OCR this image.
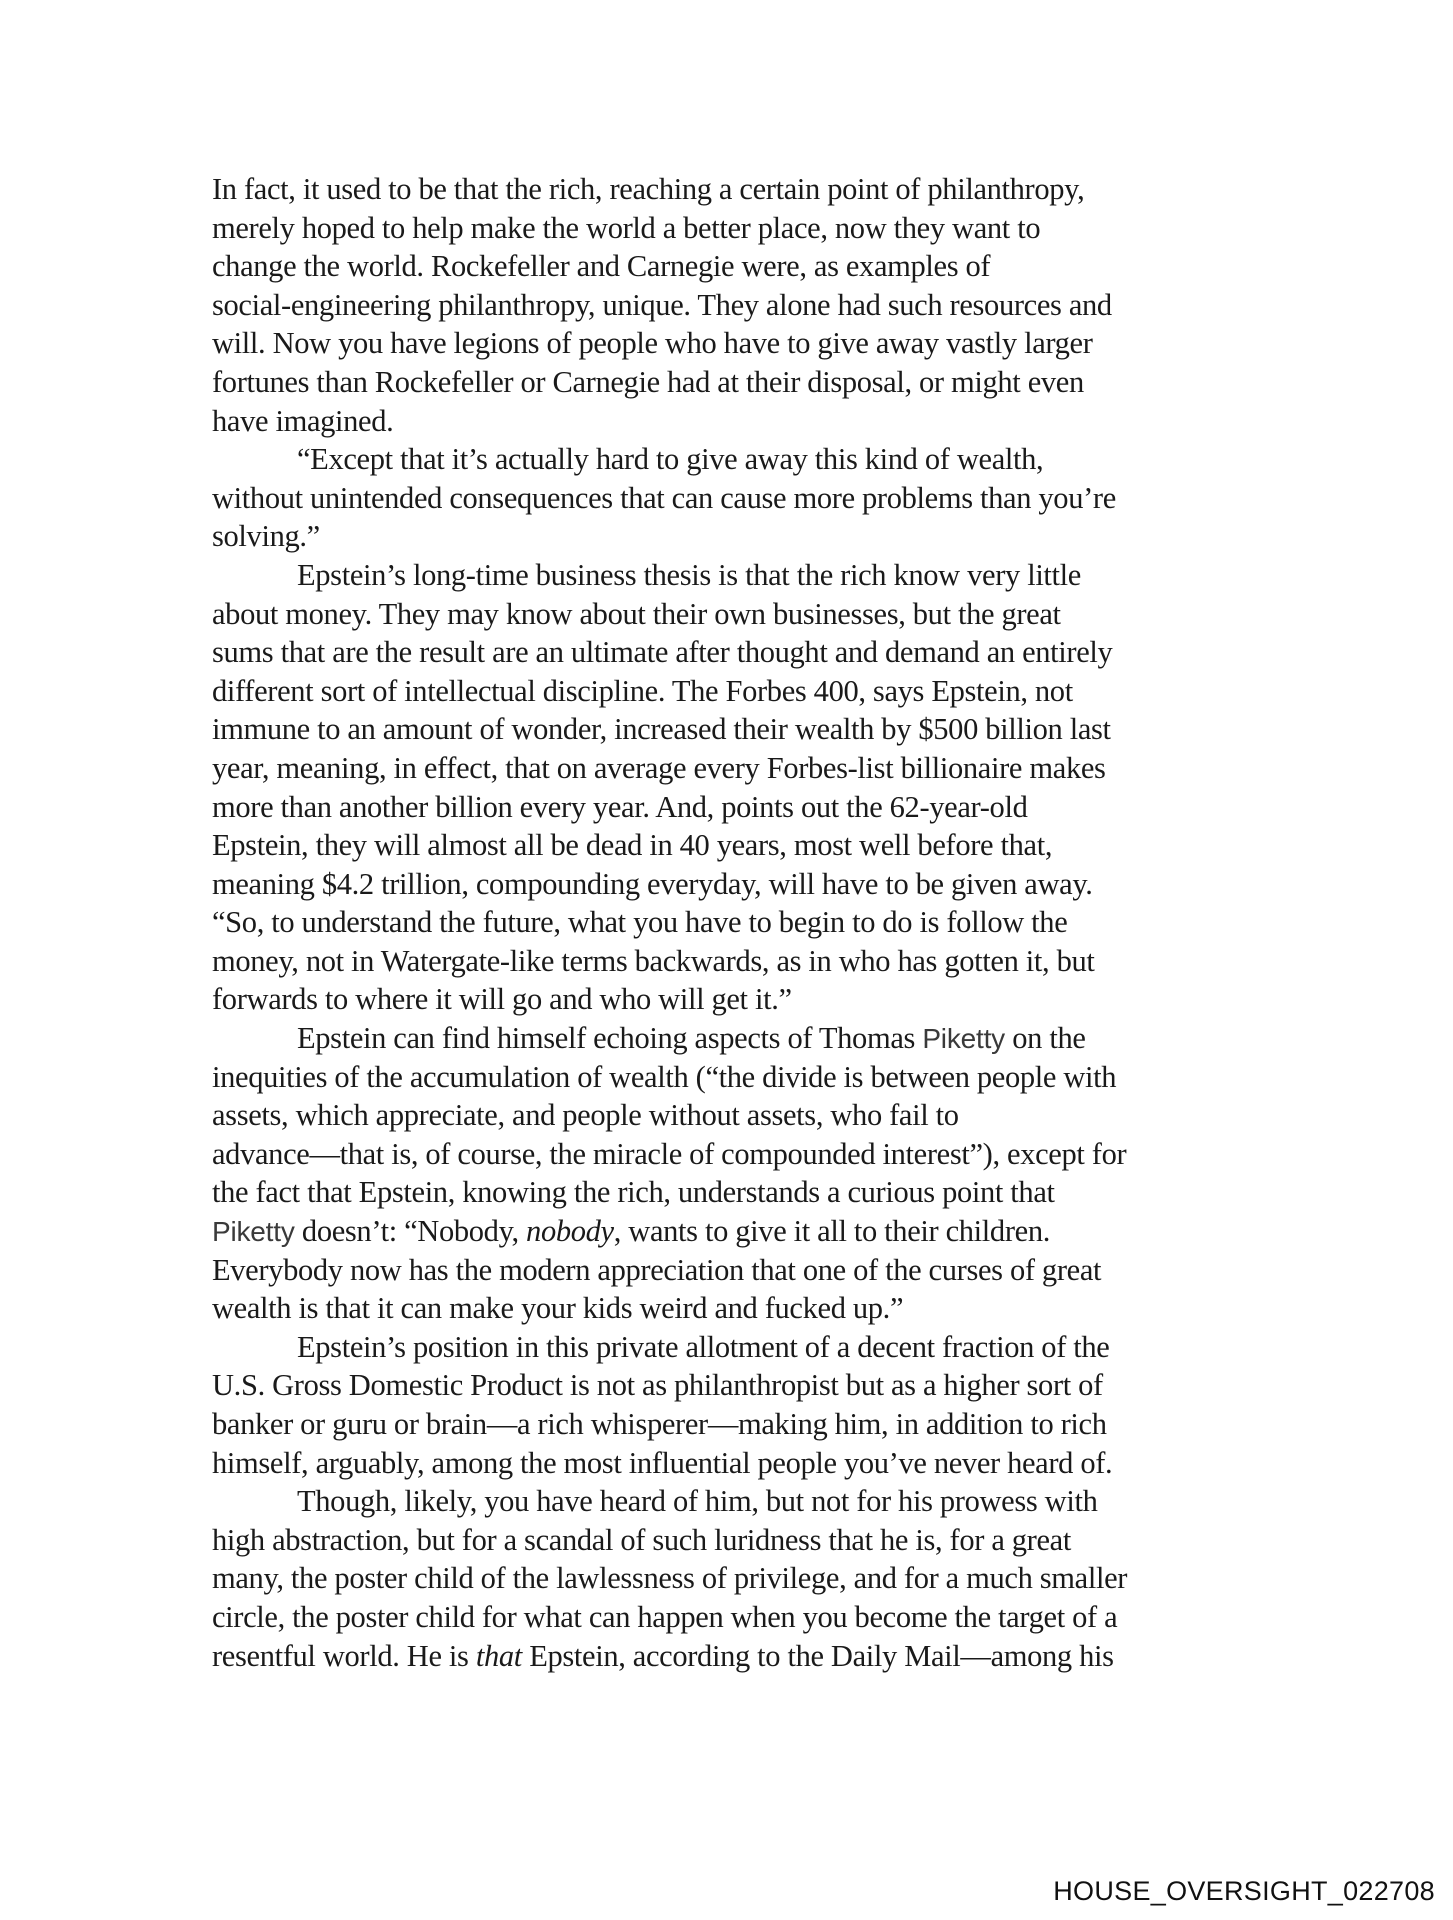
In fact, it used to be that the rich, reaching a certain point of philanthropy,
merely hoped to help make the world a better place, now they want to
change the world. Rockefeller and Carnegie were, as examples of
social-engineering philanthropy, unique. They alone had such resources and
will. Now you have legions of people who have to give away vastly larger
fortunes than Rockefeller or Carnegie had at their disposal, or might even
have imagined.
“Except that it’s actually hard to give away this kind of wealth,
without unintended consequences that can cause more problems than you’re
solving.”
Epstein’s long-time business thesis is that the rich know very little
about money. They may know about their own businesses, but the great
sums that are the result are an ultimate after thought and demand an entirely
different sort of intellectual discipline. The Forbes 400, says Epstein, not
immune to an amount of wonder, increased their wealth by $500 billion last
year, meaning, in effect, that on average every Forbes-list billionaire makes
more than another billion every year. And, points out the 62-year-old
Epstein, they will almost all be dead in 40 years, most well before that,
meaning $4.2 trillion, compounding everyday, will have to be given away.
“So, to understand the future, what you have to begin to do is follow the
money, not in Watergate-like terms backwards, as in who has gotten it, but
forwards to where it will go and who will get it.”
Epstein can find himself echoing aspects of Thomas Piketty on the
inequities of the accumulation of wealth (“the divide is between people with
assets, which appreciate, and people without assets, who fail to
advance—that is, of course, the miracle of compounded interest”), except for
the fact that Epstein, knowing the rich, understands a curious point that
Piketty doesn’t: “Nobody, nobody, wants to give it all to their children.
Everybody now has the modern appreciation that one of the curses of great
wealth is that it can make your kids weird and fucked up.”
Epstein’s position in this private allotment of a decent fraction of the
U.S. Gross Domestic Product is not as philanthropist but as a higher sort of
banker or guru or brain—a rich whisperer—making him, in addition to rich
himself, arguably, among the most influential people you’ve never heard of.
Though, likely, you have heard of him, but not for his prowess with
high abstraction, but for a scandal of such luridness that he is, for a great
many, the poster child of the lawlessness of privilege, and for a much smaller
circle, the poster child for what can happen when you become the target of a
resentful world. He is that Epstein, according to the Daily Mail—among his
HOUSE_OVERSIGHT_022708
